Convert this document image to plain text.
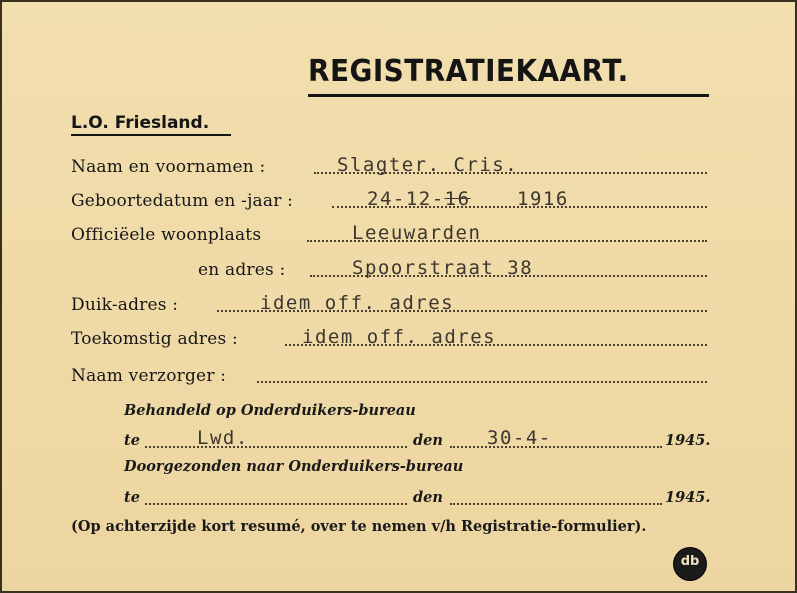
REGISTRATIEKAART.
L.O. Friesland.
Naam en voornamen :	Slagter. Cris.
Geboortedatum en -jaar :	24-12-16 1916
Officiëele woonplaats	Leeuwarden
en adres :	Spoorstraat 38
Duik-adres :	idem off. adres
Toekomstig adres :	idem off. adres
Naam verzorger :
Behandeld op Onderduikers-bureau
te	Lwd.	den 30-4-	1945.
Doorgezonden naar Onderduikers-bureau
te	den	1945.
(Op achterzijde kort resumé, over te nemen v/h Registratie-formulier).
db
